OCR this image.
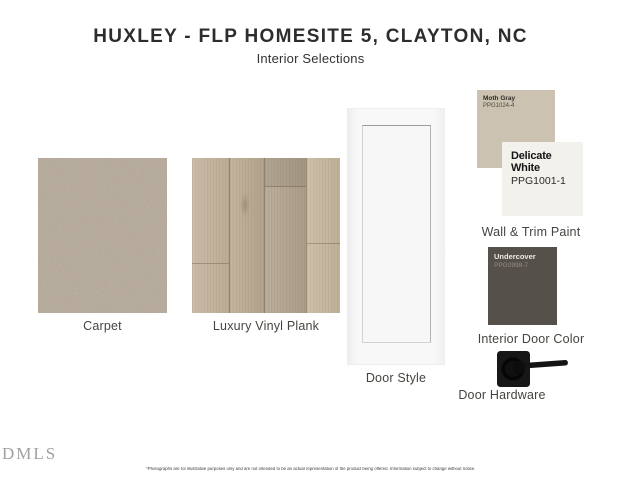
HUXLEY - FLP HOMESITE 5, CLAYTON, NC
Interior Selections
Carpet	Luxury Vinyl Plank
Door Style
Moth Gray
PPG1024-4
Delicate White
PPG1001-1
Wall & Trim Paint
Undercover
PPG0998-7
Interior Door Color
Door Hardware
DMLS
*Photographs are for illustrative purposes only and are not intended to be an actual representation of the product being offered. Information subject to change without notice.
